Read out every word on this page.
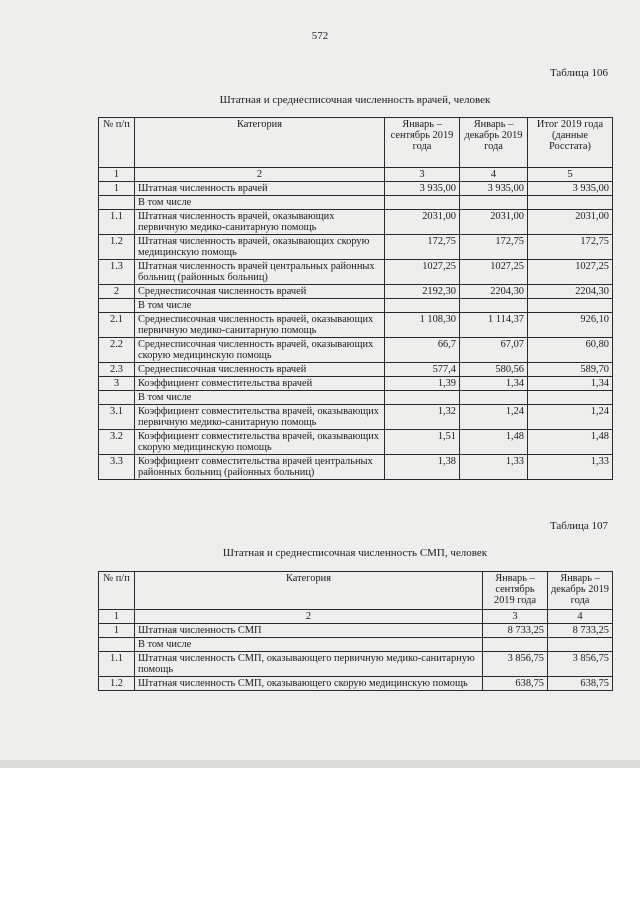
572
Таблица 106
Штатная и среднесписочная численность врачей, человек
№ п/п	Категория	Январь – сентябрь 2019 года	Январь – декабрь 2019 года	Итог 2019 года (данные Росстата)
1	2	3	4	5
1	Штатная численность врачей	3 935,00	3 935,00	3 935,00
	В том числе			
1.1	Штатная численность врачей, оказывающих первичную медико-санитарную помощь	2031,00	2031,00	2031,00
1.2	Штатная численность врачей, оказывающих скорую медицинскую помощь	172,75	172,75	172,75
1.3	Штатная численность врачей центральных районных больниц (районных больниц)	1027,25	1027,25	1027,25
2	Среднесписочная численность врачей	2192,30	2204,30	2204,30
	В том числе			
2.1	Среднесписочная численность врачей, оказывающих первичную медико-санитарную помощь	1 108,30	1 114,37	926,10
2.2	Среднесписочная численность врачей, оказывающих скорую медицинскую помощь	66,7	67,07	60,80
2.3	Среднесписочная численность врачей	577,4	580,56	589,70
3	Коэффициент совместительства врачей	1,39	1,34	1,34
	В том числе			
3.1	Коэффициент совместительства врачей, оказывающих первичную медико-санитарную помощь	1,32	1,24	1,24
3.2	Коэффициент совместительства врачей, оказывающих скорую медицинскую помощь	1,51	1,48	1,48
3.3	Коэффициент совместительства врачей центральных районных больниц (районных больниц)	1,38	1,33	1,33
Таблица 107
Штатная и среднесписочная численность СМП, человек
№ п/п	Категория	Январь – сентябрь 2019 года	Январь – декабрь 2019 года
1	2	3	4
1	Штатная численность СМП	8 733,25	8 733,25
	В том числе		
1.1	Штатная численность СМП, оказывающего первичную медико-санитарную помощь	3 856,75	3 856,75
1.2	Штатная численность СМП, оказывающего скорую медицинскую помощь	638,75	638,75
